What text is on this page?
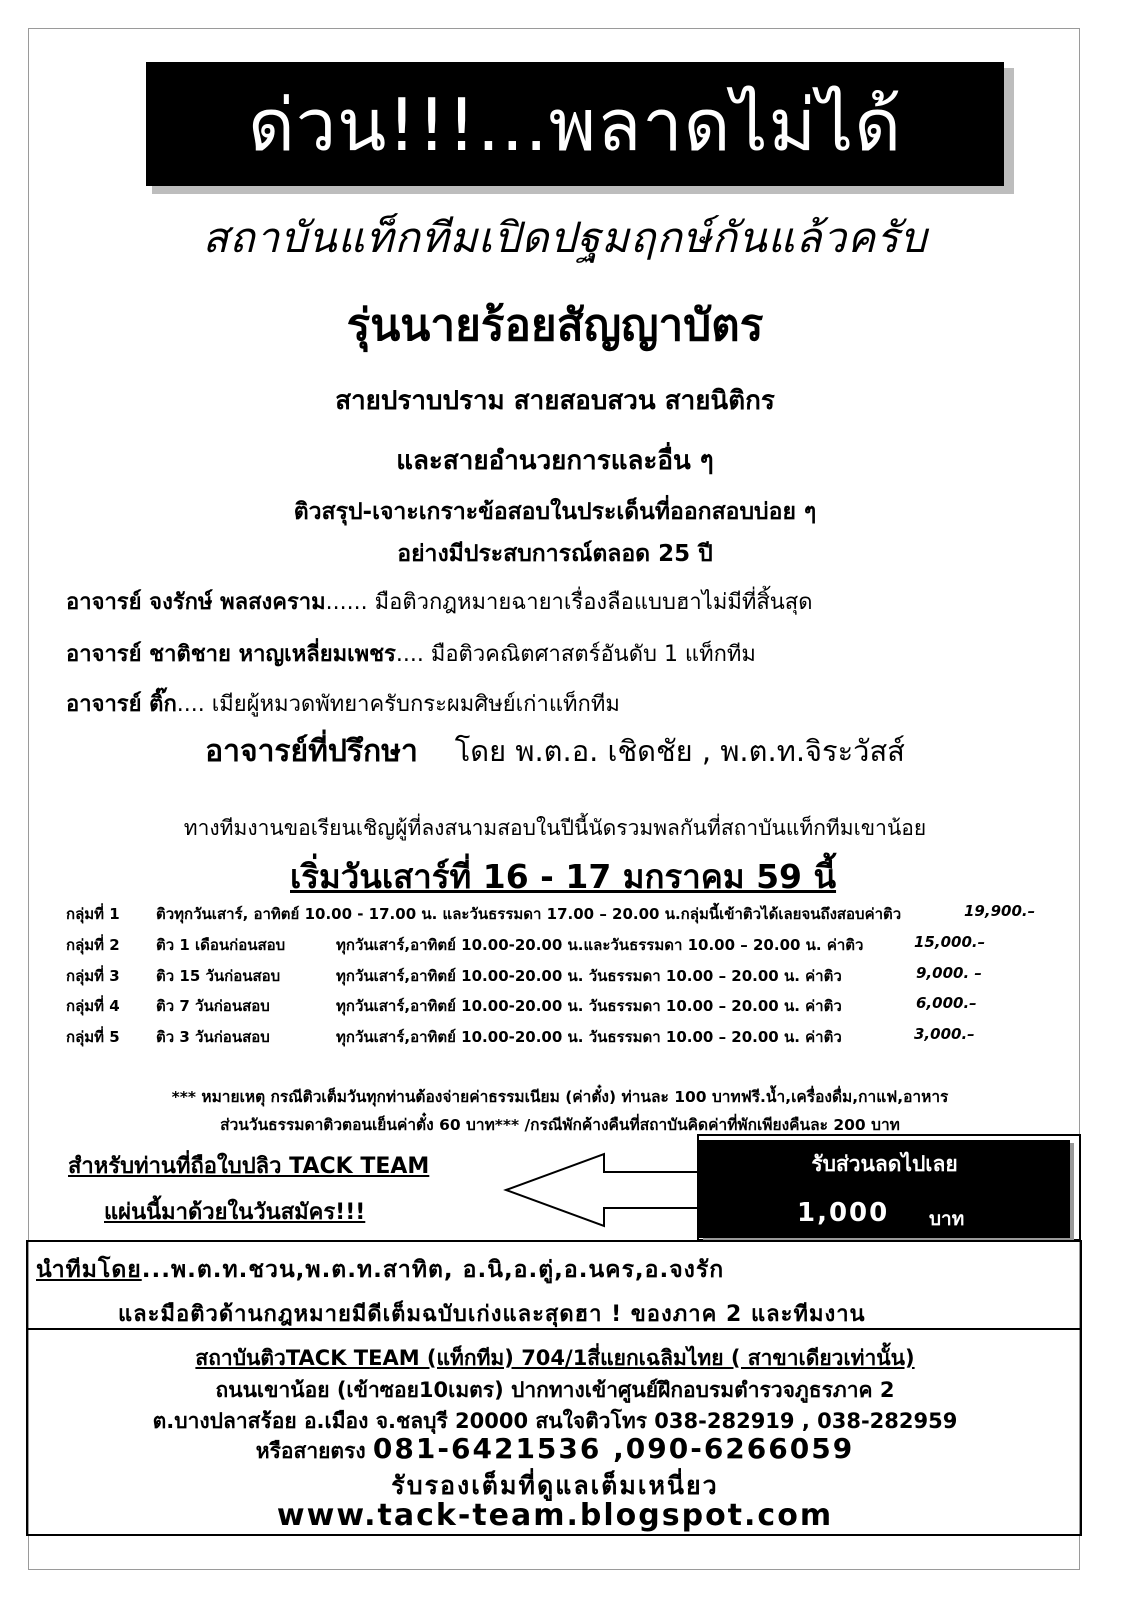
ด่วน!!!...พลาดไม่ได้
สถาบันแท็กทีมเปิดปฐมฤกษ์กันแล้วครับ
รุ่นนายร้อยสัญญาบัตร
สายปราบปราม สายสอบสวน สายนิติกร
และสายอำนวยการและอื่น ๆ
ติวสรุป-เจาะเกราะข้อสอบในประเด็นที่ออกสอบบ่อย ๆ
อย่างมีประสบการณ์ตลอด 25 ปี
อาจารย์ จงรักษ์ พลสงคราม...... มือติวกฎหมายฉายาเรื่องลือแบบฮาไม่มีที่สิ้นสุด
อาจารย์ ชาติชาย หาญเหลี่ยมเพชร.... มือติวคณิตศาสตร์อันดับ 1 แท็กทีม
อาจารย์ ติ๊ก.... เมียผู้หมวดพัทยาครับกระผมศิษย์เก่าแท็กทีม
อาจารย์ที่ปรึกษา โดย พ.ต.อ. เชิดชัย , พ.ต.ท.จิระวัสส์
ทางทีมงานขอเรียนเชิญผู้ที่ลงสนามสอบในปีนี้นัดรวมพลกันที่สถาบันแท็กทีมเขาน้อย
เริ่มวันเสาร์ที่ 16 - 17 มกราคม 59 นี้
กลุ่มที่ 1 ติวทุกวันเสาร์, อาทิตย์ 10.00 - 17.00 น. และวันธรรมดา 17.00 – 20.00 น.กลุ่มนี้เข้าติวได้เลยจนถึงสอบค่าติว	19,900.–
กลุ่มที่ 2 ติว 1 เดือนก่อนสอบ	ทุกวันเสาร์,อาทิตย์ 10.00-20.00 น.และวันธรรมดา 10.00 – 20.00 น. ค่าติว	15,000.–
กลุ่มที่ 3 ติว 15 วันก่อนสอบ	ทุกวันเสาร์,อาทิตย์ 10.00-20.00 น. วันธรรมดา 10.00 – 20.00 น. ค่าติว	9,000. –
กลุ่มที่ 4 ติว 7 วันก่อนสอบ	ทุกวันเสาร์,อาทิตย์ 10.00-20.00 น. วันธรรมดา 10.00 – 20.00 น. ค่าติว	6,000.–
กลุ่มที่ 5 ติว 3 วันก่อนสอบ	ทุกวันเสาร์,อาทิตย์ 10.00-20.00 น. วันธรรมดา 10.00 – 20.00 น. ค่าติว	3,000.–
*** หมายเหตุ กรณีติวเต็มวันทุกท่านต้องจ่ายค่าธรรมเนียม (ค่าตั๋ง) ท่านละ 100 บาทฟรี.น้ำ,เครื่องดื่ม,กาแฟ,อาหาร
ส่วนวันธรรมดาติวตอนเย็นค่าตั๋ง 60 บาท*** /กรณีพักค้างคืนที่สถาบันคิดค่าที่พักเพียงคืนละ 200 บาท
สำหรับท่านที่ถือใบปลิว TACK TEAM
แผ่นนี้มาด้วยในวันสมัคร!!!
รับส่วนลดไปเลย
1,000 บาท
นำทีมโดย...พ.ต.ท.ชวน,พ.ต.ท.สาทิต, อ.นิ,อ.ตู่,อ.นคร,อ.จงรัก
และมือติวด้านกฎหมายมีดีเต็มฉบับเก่งและสุดฮา ! ของภาค 2 และทีมงาน
สถาบันติวTACK TEAM (แท็กทีม) 704/1สี่แยกเฉลิมไทย ( สาขาเดียวเท่านั้น)
ถนนเขาน้อย (เข้าซอย10เมตร) ปากทางเข้าศูนย์ฝึกอบรมตำรวจภูธรภาค 2
ต.บางปลาสร้อย อ.เมือง จ.ชลบุรี 20000 สนใจติวโทร 038-282919 , 038-282959
หรือสายตรง 081-6421536 ,090-6266059
รับรองเต็มที่ดูแลเต็มเหนี่ยว
www.tack-team.blogspot.com
